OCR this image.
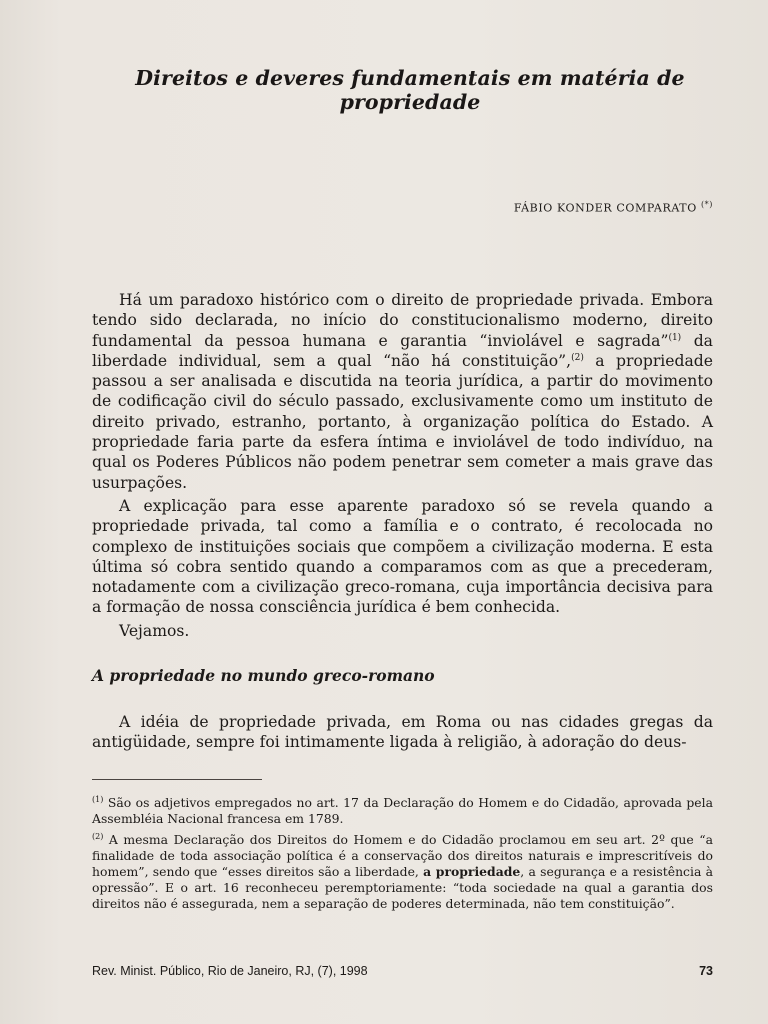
Direitos e deveres fundamentais em matéria de propriedade
FÁBIO KONDER COMPARATO (*)

Há um paradoxo histórico com o direito de propriedade privada. Embora tendo sido declarada, no início do constitucionalismo moderno, direito fundamental da pessoa humana e garantia “inviolável e sagrada”$^{(1)}$ da liberdade individual, sem a qual “não há constituição”,$^{(2)}$ a propriedade passou a ser analisada e discutida na teoria jurídica, a partir do movimento de codificação civil do século passado, exclusivamente como um instituto de direito privado, estranho, portanto, à organização política do Estado. A propriedade faria parte da esfera íntima e inviolável de todo indivíduo, na qual os Poderes Públicos não podem penetrar sem cometer a mais grave das usurpações.

A explicação para esse aparente paradoxo só se revela quando a propriedade privada, tal como a família e o contrato, é recolocada no complexo de instituições sociais que compõem a civilização moderna. E esta última só cobra sentido quando a comparamos com as que a precederam, notadamente com a civilização greco-romana, cuja importância decisiva para a formação de nossa consciência jurídica é bem conhecida.

Vejamos.

A propriedade no mundo greco-romano

A idéia de propriedade privada, em Roma ou nas cidades gregas da antigüidade, sempre foi intimamente ligada à religião, à adoração do deus-

$^{(1)}$ São os adjetivos empregados no art. 17 da Declaração do Homem e do Cidadão, aprovada pela Assembléia Nacional francesa em 1789.

$^{(2)}$ A mesma Declaração dos Direitos do Homem e do Cidadão proclamou em seu art. 2º que “a finalidade de toda associação política é a conservação dos direitos naturais e imprescritíveis do homem”, sendo que “esses direitos são a liberdade, a propriedade, a segurança e a resistência à opressão”. E o art. 16 reconheceu peremptoriamente: “toda sociedade na qual a garantia dos direitos não é assegurada, nem a separação de poderes determinada, não tem constituição”.

Rev. Minist. Público, Rio de Janeiro, RJ, (7), 1998	73
